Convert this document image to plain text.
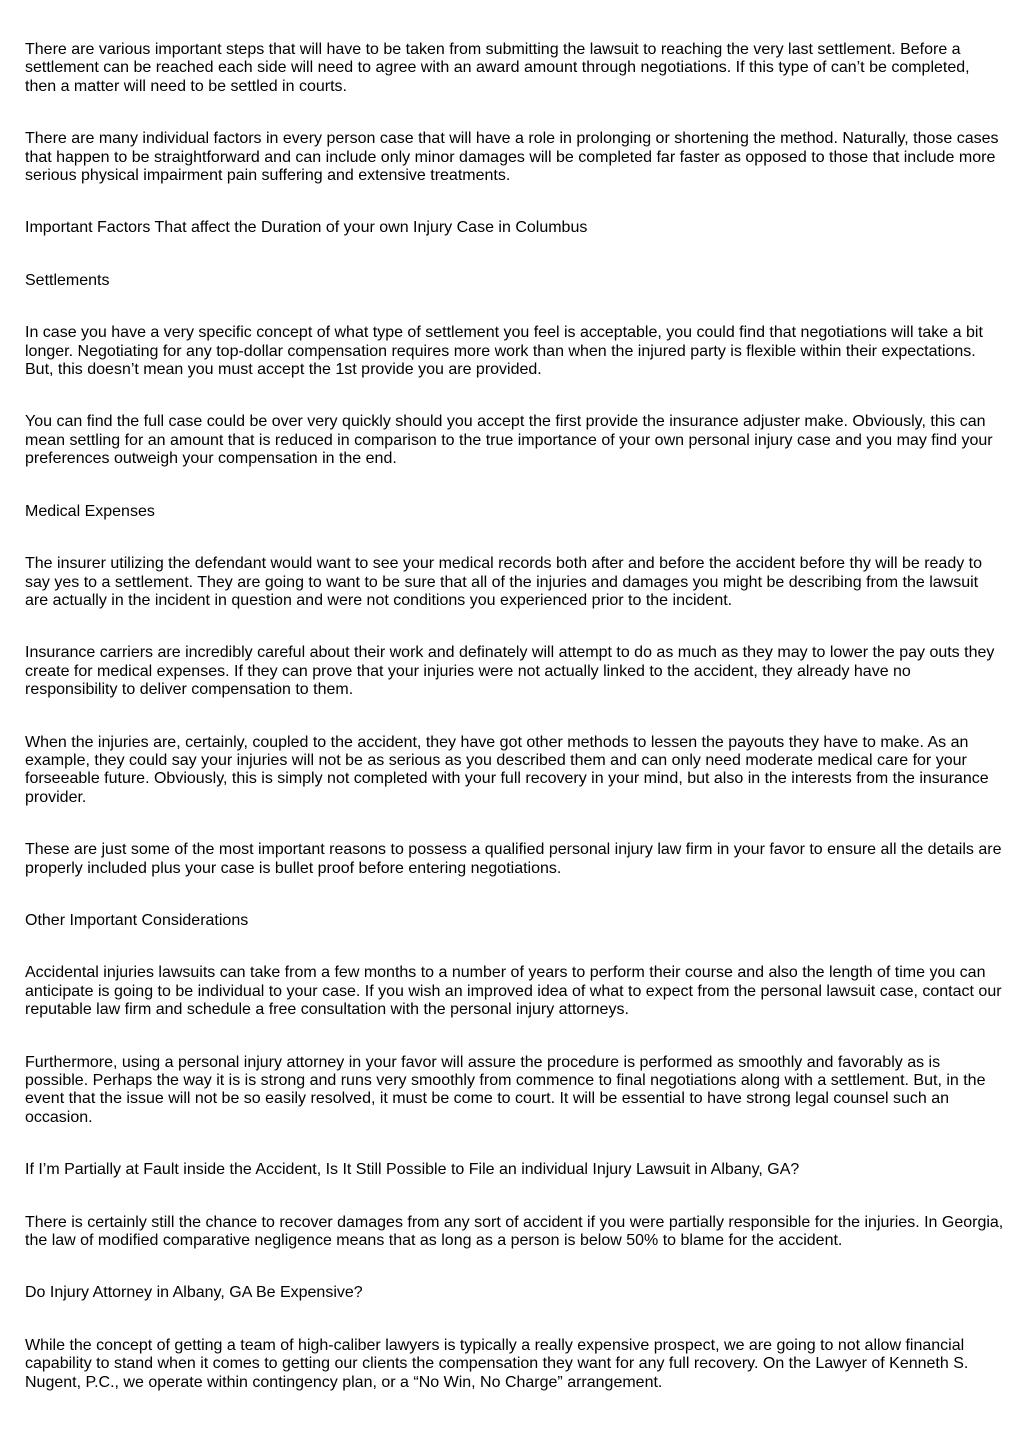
There are various important steps that will have to be taken from submitting the lawsuit to reaching the very last settlement. Before a settlement can be reached each side will need to agree with an award amount through negotiations. If this type of can’t be completed, then a matter will need to be settled in courts.

There are many individual factors in every person case that will have a role in prolonging or shortening the method. Naturally, those cases that happen to be straightforward and can include only minor damages will be completed far faster as opposed to those that include more serious physical impairment pain suffering and extensive treatments.

Important Factors That affect the Duration of your own Injury Case in Columbus

Settlements

In case you have a very specific concept of what type of settlement you feel is acceptable, you could find that negotiations will take a bit longer. Negotiating for any top-dollar compensation requires more work than when the injured party is flexible within their expectations. But, this doesn’t mean you must accept the 1st provide you are provided.

You can find the full case could be over very quickly should you accept the first provide the insurance adjuster make. Obviously, this can mean settling for an amount that is reduced in comparison to the true importance of your own personal injury case and you may find your preferences outweigh your compensation in the end.

Medical Expenses

The insurer utilizing the defendant would want to see your medical records both after and before the accident before thy will be ready to say yes to a settlement. They are going to want to be sure that all of the injuries and damages you might be describing from the lawsuit are actually in the incident in question and were not conditions you experienced prior to the incident.

Insurance carriers are incredibly careful about their work and definately will attempt to do as much as they may to lower the pay outs they create for medical expenses. If they can prove that your injuries were not actually linked to the accident, they already have no responsibility to deliver compensation to them.

When the injuries are, certainly, coupled to the accident, they have got other methods to lessen the payouts they have to make. As an example, they could say your injuries will not be as serious as you described them and can only need moderate medical care for your forseeable future. Obviously, this is simply not completed with your full recovery in your mind, but also in the interests from the insurance provider.

These are just some of the most important reasons to possess a qualified personal injury law firm in your favor to ensure all the details are properly included plus your case is bullet proof before entering negotiations.

Other Important Considerations

Accidental injuries lawsuits can take from a few months to a number of years to perform their course and also the length of time you can anticipate is going to be individual to your case. If you wish an improved idea of what to expect from the personal lawsuit case, contact our reputable law firm and schedule a free consultation with the personal injury attorneys.

Furthermore, using a personal injury attorney in your favor will assure the procedure is performed as smoothly and favorably as is possible. Perhaps the way it is is strong and runs very smoothly from commence to final negotiations along with a settlement. But, in the event that the issue will not be so easily resolved, it must be come to court. It will be essential to have strong legal counsel such an occasion.

If I’m Partially at Fault inside the Accident, Is It Still Possible to File an individual Injury Lawsuit in Albany, GA?

There is certainly still the chance to recover damages from any sort of accident if you were partially responsible for the injuries. In Georgia, the law of modified comparative negligence means that as long as a person is below 50% to blame for the accident.

Do Injury Attorney in Albany, GA Be Expensive?

While the concept of getting a team of high-caliber lawyers is typically a really expensive prospect, we are going to not allow financial capability to stand when it comes to getting our clients the compensation they want for any full recovery. On the Lawyer of Kenneth S. Nugent, P.C., we operate within contingency plan, or a “No Win, No Charge” arrangement.
